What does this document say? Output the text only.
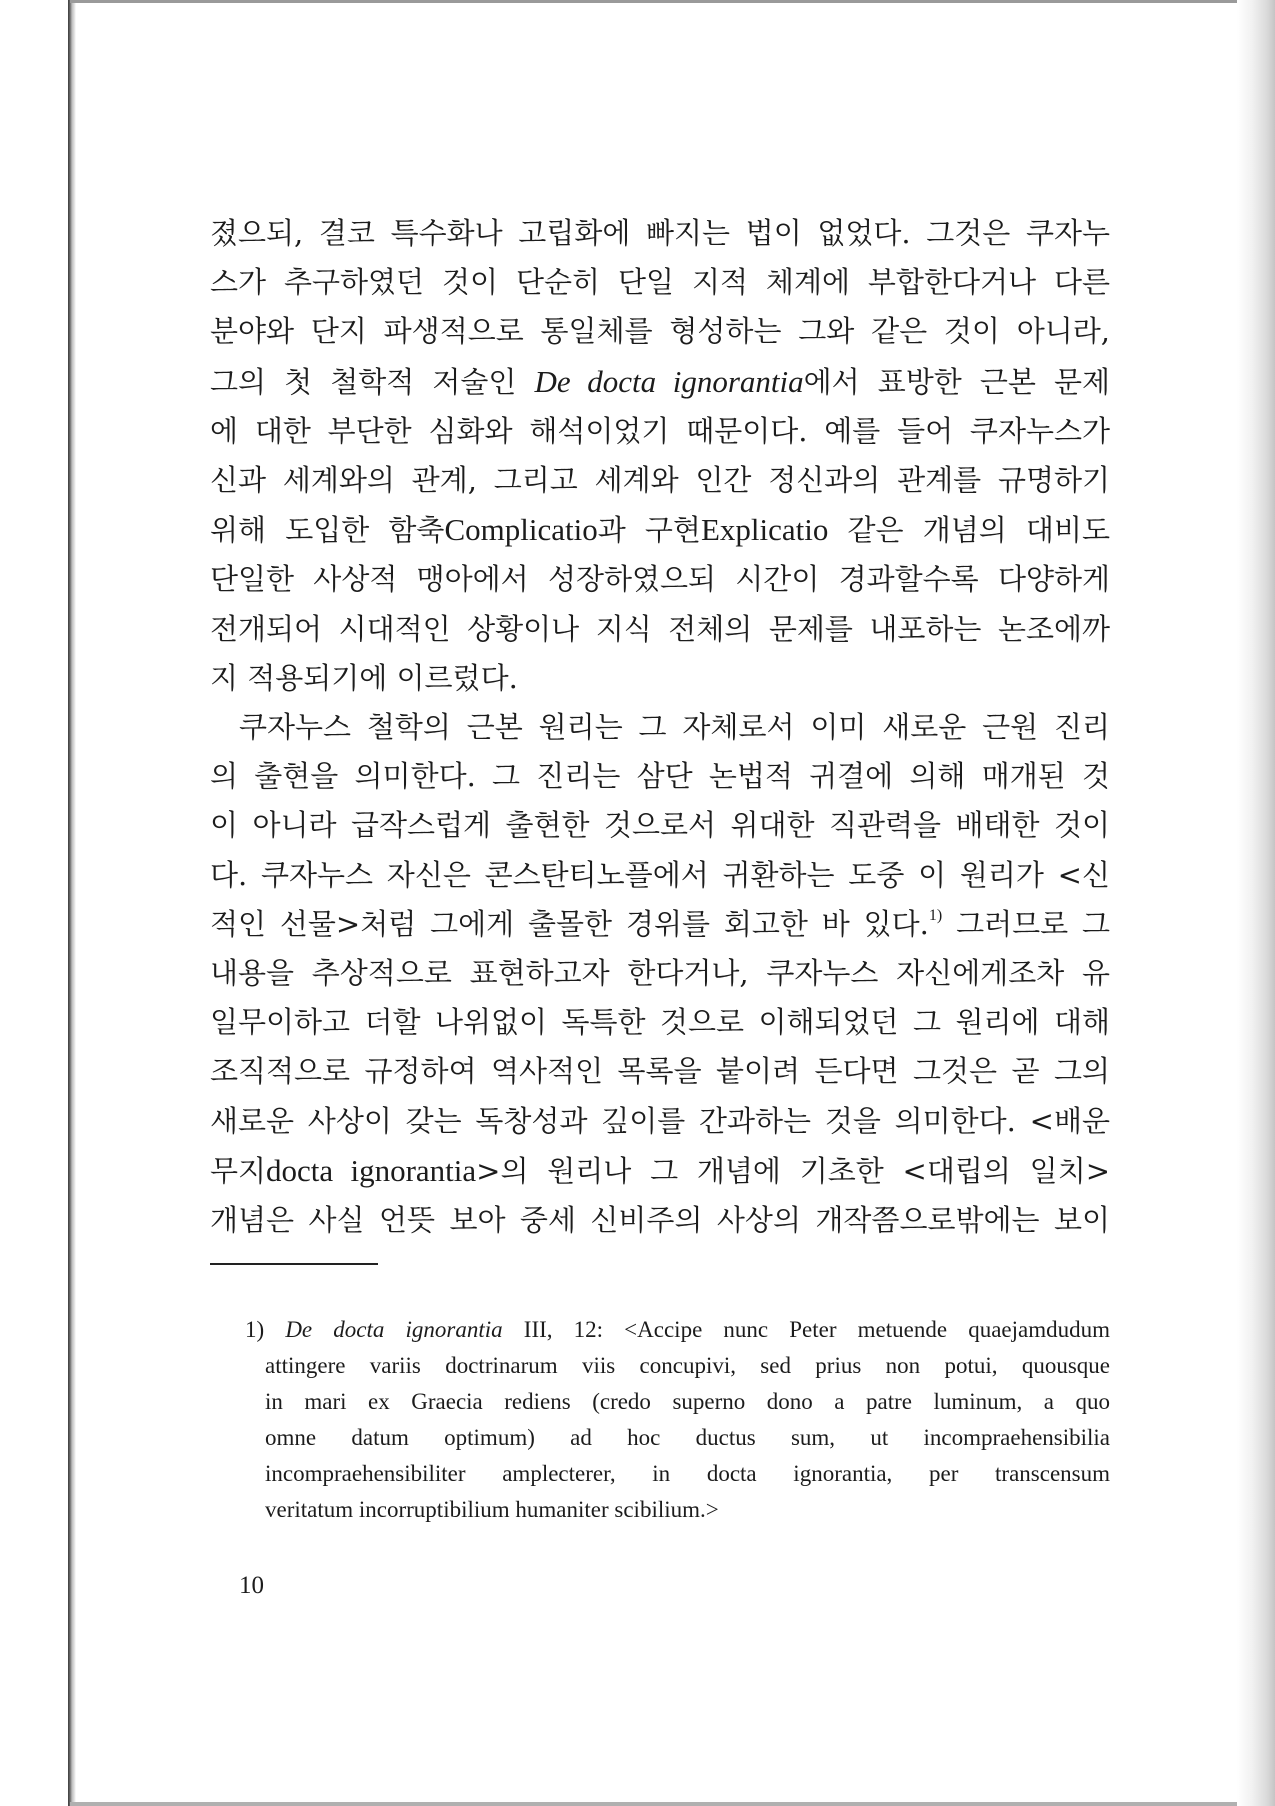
졌으되, 결코 특수화나 고립화에 빠지는 법이 없었다. 그것은 쿠자누
스가 추구하였던 것이 단순히 단일 지적 체계에 부합한다거나 다른
분야와 단지 파생적으로 통일체를 형성하는 그와 같은 것이 아니라,
그의 첫 철학적 저술인 De docta ignorantia에서 표방한 근본 문제
에 대한 부단한 심화와 해석이었기 때문이다. 예를 들어 쿠자누스가
신과 세계와의 관계, 그리고 세계와 인간 정신과의 관계를 규명하기
위해 도입한 함축Complicatio과 구현Explicatio 같은 개념의 대비도
단일한 사상적 맹아에서 성장하였으되 시간이 경과할수록 다양하게
전개되어 시대적인 상황이나 지식 전체의 문제를 내포하는 논조에까
지 적용되기에 이르렀다.
쿠자누스 철학의 근본 원리는 그 자체로서 이미 새로운 근원 진리
의 출현을 의미한다. 그 진리는 삼단 논법적 귀결에 의해 매개된 것
이 아니라 급작스럽게 출현한 것으로서 위대한 직관력을 배태한 것이
다. 쿠자누스 자신은 콘스탄티노플에서 귀환하는 도중 이 원리가 <신
적인 선물>처럼 그에게 출몰한 경위를 회고한 바 있다.$^{1)}$ 그러므로 그
내용을 추상적으로 표현하고자 한다거나, 쿠자누스 자신에게조차 유
일무이하고 더할 나위없이 독특한 것으로 이해되었던 그 원리에 대해
조직적으로 규정하여 역사적인 목록을 붙이려 든다면 그것은 곧 그의
새로운 사상이 갖는 독창성과 깊이를 간과하는 것을 의미한다. <배운
무지docta ignorantia>의 원리나 그 개념에 기초한 <대립의 일치>
개념은 사실 언뜻 보아 중세 신비주의 사상의 개작쯤으로밖에는 보이
1) De docta ignorantia III, 12: <Accipe nunc Peter metuende quaejamdudum
attingere variis doctrinarum viis concupivi, sed prius non potui, quousque
in mari ex Graecia rediens (credo superno dono a patre luminum, a quo
omne datum optimum) ad hoc ductus sum, ut incompraehensibilia
incompraehensibiliter amplecterer, in docta ignorantia, per transcensum
veritatum incorruptibilium humaniter scibilium.>
10
